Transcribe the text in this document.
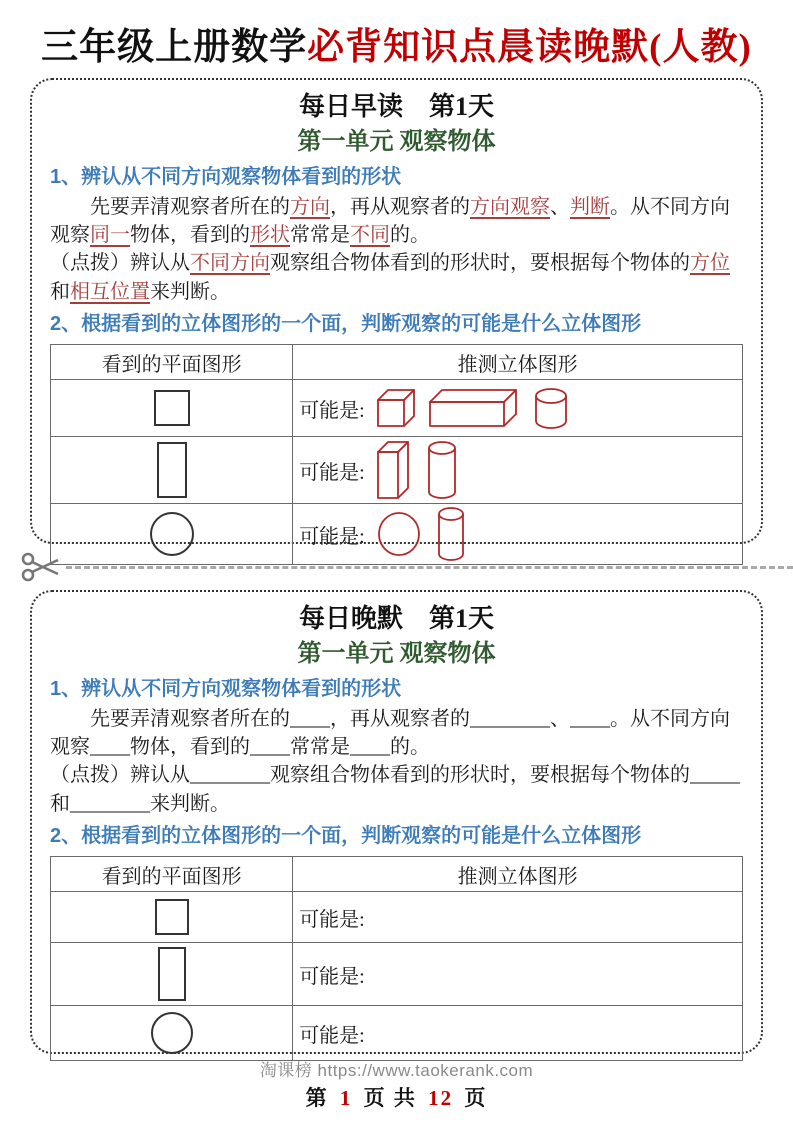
三年级上册数学必背知识点晨读晚默(人教)
每日早读　第1天
第一单元 观察物体
1、辨认从不同方向观察物体看到的形状
先要弄清观察者所在的方向，再从观察者的方向观察、判断。从不同方向观察同一物体，看到的形状常常是不同的。
（点拨）辨认从不同方向观察组合物体看到的形状时，要根据每个物体的方位和相互位置来判断。
2、根据看到的立体图形的一个面，判断观察的可能是什么立体图形
看到的平面图形	推测立体图形

可能是:

可能是:

可能是:
每日晚默　第1天
第一单元 观察物体
1、辨认从不同方向观察物体看到的形状
先要弄清观察者所在的____，再从观察者的________、____。从不同方向观察____物体，看到的____常常是____的。
（点拨）辨认从________观察组合物体看到的形状时，要根据每个物体的_____和________来判断。
2、根据看到的立体图形的一个面，判断观察的可能是什么立体图形
看到的平面图形	推测立体图形

可能是:

可能是:

可能是:
淘课榜 https://www.taokerank.com
第 1 页 共 12 页
